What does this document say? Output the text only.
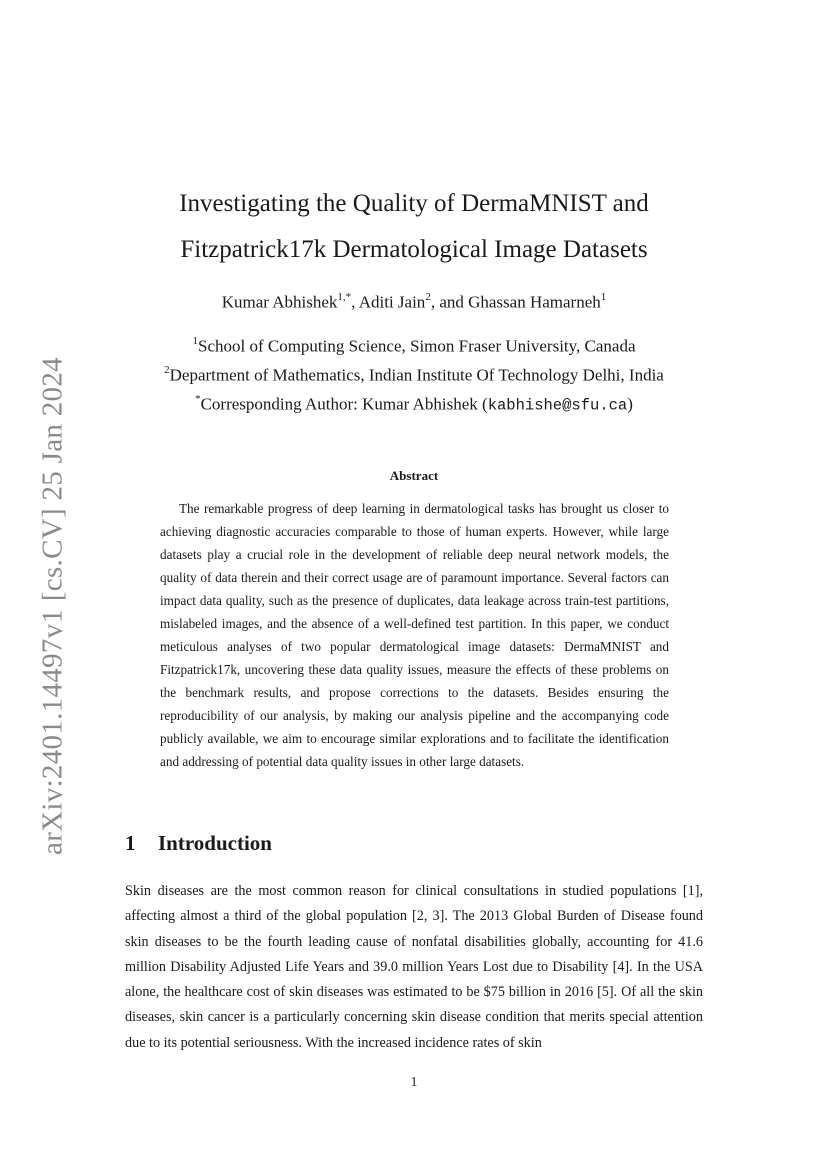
arXiv:2401.14497v1 [cs.CV] 25 Jan 2024
Investigating the Quality of DermaMNIST and
Fitzpatrick17k Dermatological Image Datasets
Kumar Abhishek$^{1,*}$, Aditi Jain$^2$, and Ghassan Hamarneh$^1$
$^1$School of Computing Science, Simon Fraser University, Canada
$^2$Department of Mathematics, Indian Institute Of Technology Delhi, India
*Corresponding Author: Kumar Abhishek (kabhishe@sfu.ca)
Abstract

The remarkable progress of deep learning in dermatological tasks has brought us closer to achieving diagnostic accuracies comparable to those of human experts. However, while large datasets play a crucial role in the development of reliable deep neural network models, the quality of data therein and their correct usage are of paramount importance. Several factors can impact data quality, such as the presence of duplicates, data leakage across train-test partitions, mislabeled images, and the absence of a well-defined test partition. In this paper, we conduct meticulous analyses of two popular dermatological image datasets: DermaMNIST and Fitzpatrick17k, uncovering these data quality issues, measure the effects of these problems on the benchmark results, and propose corrections to the datasets. Besides ensuring the reproducibility of our analysis, by making our analysis pipeline and the accompanying code publicly available, we aim to encourage similar explorations and to facilitate the identification and addressing of potential data quality issues in other large datasets.

1 Introduction

Skin diseases are the most common reason for clinical consultations in studied populations [1], affecting almost a third of the global population [2, 3]. The 2013 Global Burden of Disease found skin diseases to be the fourth leading cause of nonfatal disabilities globally, accounting for 41.6 million Disability Adjusted Life Years and 39.0 million Years Lost due to Disability [4]. In the USA alone, the healthcare cost of skin diseases was estimated to be $75 billion in 2016 [5]. Of all the skin diseases, skin cancer is a particularly concerning skin disease condition that merits special attention due to its potential seriousness. With the increased incidence rates of skin

1
